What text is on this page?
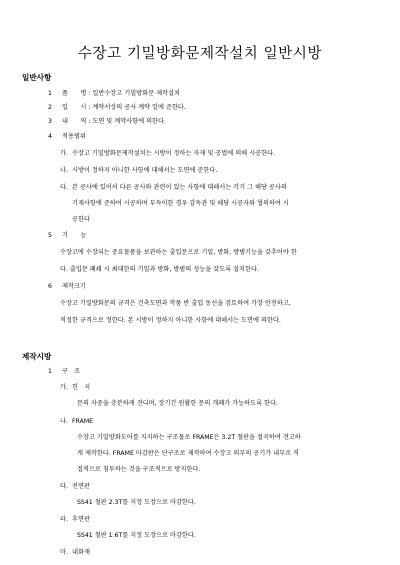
수장고 기밀방화문제작설치 일반시방
일반사항
1 품　　명 : 일반수장고 기밀방화문 제작설치
2 일　　시 : 계약서상의 공사 계약 일에 준한다.
3 내　　역 : 도면 및 계약사항에 의한다.
4 적용범위
가. 수장고 기밀방화문제작설치는 시방이 정하는 자재 및 공법에 의해 시공한다.
나. 시방이 정하지 아니한 사항에 대해서는 도면에 준한다.
다. 본 공사에 있어서 다른 공사와 관련이 있는 사항에 대해서는 각기 그 해당 공사의
기재사항에 준하여 시공하며 부득이한 경우 감독관 및 해당 시공자와 협의하여 시
공한다
5 기　　능
수장고에 수장되는 중요물품을 보관하는 출입문으로 기밀, 방화, 방범기능을 갖추어야 한
다. 출입문 폐쇄 시 최대한의 기밀과 방화, 방범의 성능을 갖도록 설치한다.
6 제작크기
수장고 기밀방화문의 규격은 건축도면과 작품 반 출입 동선을 검토하여 가장 안전하고,
적정한 규격으로 정한다. 본 시방이 정하지 아니한 사항에 대해서는 도면에 의한다.
제작시방
1 구　조
가. 힌　지
문의 자중을 충분하게 견디며, 장기간 원활한 문의 개폐가 가능하도록 한다.
나. FRAME
수장고 기밀방화도어를 지지하는 구조물로 FRAME은 3.2T 철판을 절곡하여 견고하
게 제작한다. FRAME 마감판은 단구조로 제작하여 수장고 외부의 공기가 내부로 직
접적으로 침투하는 것을 구조적으로 방지한다.
다. 전면판
SS41 철판 2.3T를 지정 도장으로 마감한다.
라. 후면판
SS41 철판 1.6T를 지정 도장으로 마감한다.
마. 내화재
